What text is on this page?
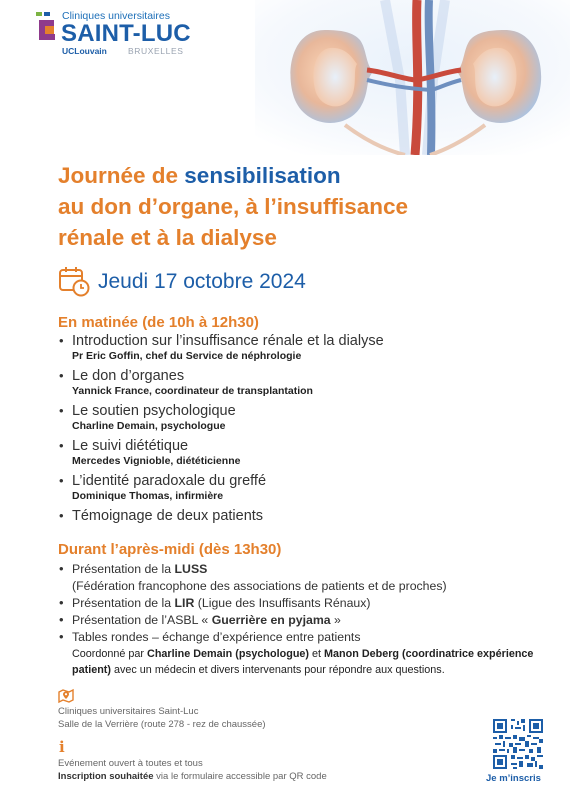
Cliniques universitaires
SAINT-LUC
UCLouvain BRUXELLES
Journée de sensibilisation
au don d’organe, à l’insuffisance
rénale et à la dialyse
Jeudi 17 octobre 2024
En matinée (de 10h à 12h30)
• Introduction sur l’insuffisance rénale et la dialyse
Pr Eric Goffin, chef du Service de néphrologie
• Le don d’organes
Yannick France, coordinateur de transplantation
• Le soutien psychologique
Charline Demain, psychologue
• Le suivi diététique
Mercedes Vignioble, diététicienne
• L’identité paradoxale du greffé
Dominique Thomas, infirmière
• Témoignage de deux patients
Durant l’après-midi (dès 13h30)
• Présentation de la LUSS
(Fédération francophone des associations de patients et de proches)
• Présentation de la LIR (Ligue des Insuffisants Rénaux)
• Présentation de l’ASBL « Guerrière en pyjama »
• Tables rondes – échange d’expérience entre patients
Coordonné par Charline Demain (psychologue) et Manon Deberg (coordinatrice expérience patient) avec un médecin et divers intervenants pour répondre aux questions.
Cliniques universitaires Saint-Luc
Salle de la Verrière (route 278 - rez de chaussée)
i
Evénement ouvert à toutes et tous
Inscription souhaitée via le formulaire accessible par QR code	Je m’inscris
